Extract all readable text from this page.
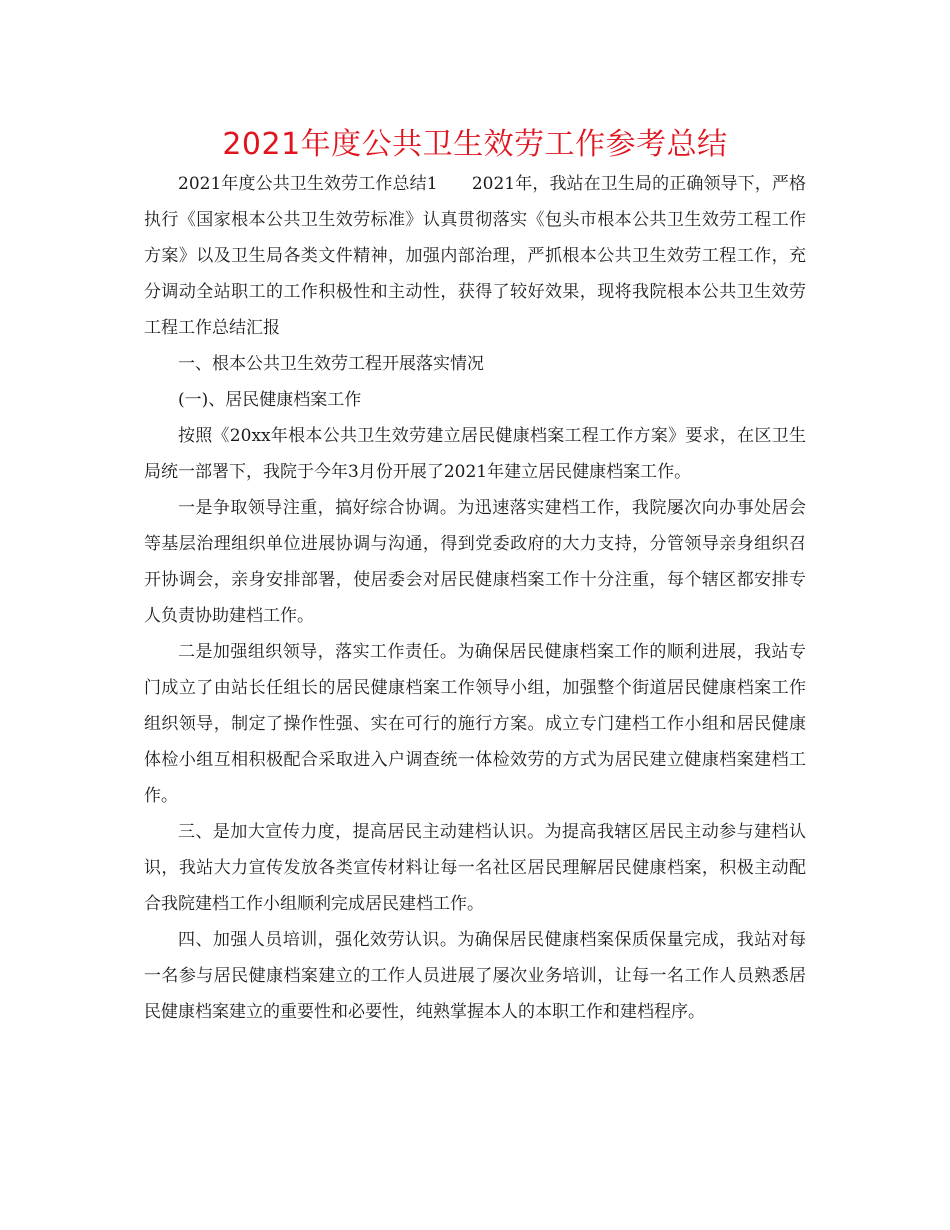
2021年度公共卫生效劳工作参考总结

2021年度公共卫生效劳工作总结1　　2021年，我站在卫生局的正确领导下，严格执行《国家根本公共卫生效劳标准》认真贯彻落实《包头市根本公共卫生效劳工程工作方案》以及卫生局各类文件精神，加强内部治理，严抓根本公共卫生效劳工程工作，充分调动全站职工的工作积极性和主动性，获得了较好效果，现将我院根本公共卫生效劳工程工作总结汇报

一、根本公共卫生效劳工程开展落实情况

(一)、居民健康档案工作

按照《20xx年根本公共卫生效劳建立居民健康档案工程工作方案》要求，在区卫生局统一部署下，我院于今年3月份开展了2021年建立居民健康档案工作。

一是争取领导注重，搞好综合协调。为迅速落实建档工作，我院屡次向办事处居会等基层治理组织单位进展协调与沟通，得到党委政府的大力支持，分管领导亲身组织召开协调会，亲身安排部署，使居委会对居民健康档案工作十分注重，每个辖区都安排专人负责协助建档工作。

二是加强组织领导，落实工作责任。为确保居民健康档案工作的顺利进展，我站专门成立了由站长任组长的居民健康档案工作领导小组，加强整个街道居民健康档案工作组织领导，制定了操作性强、实在可行的施行方案。成立专门建档工作小组和居民健康体检小组互相积极配合采取进入户调查统一体检效劳的方式为居民建立健康档案建档工作。

三、是加大宣传力度，提高居民主动建档认识。为提高我辖区居民主动参与建档认识，我站大力宣传发放各类宣传材料让每一名社区居民理解居民健康档案，积极主动配合我院建档工作小组顺利完成居民建档工作。

四、加强人员培训，强化效劳认识。为确保居民健康档案保质保量完成，我站对每一名参与居民健康档案建立的工作人员进展了屡次业务培训，让每一名工作人员熟悉居民健康档案建立的重要性和必要性，纯熟掌握本人的本职工作和建档程序。
